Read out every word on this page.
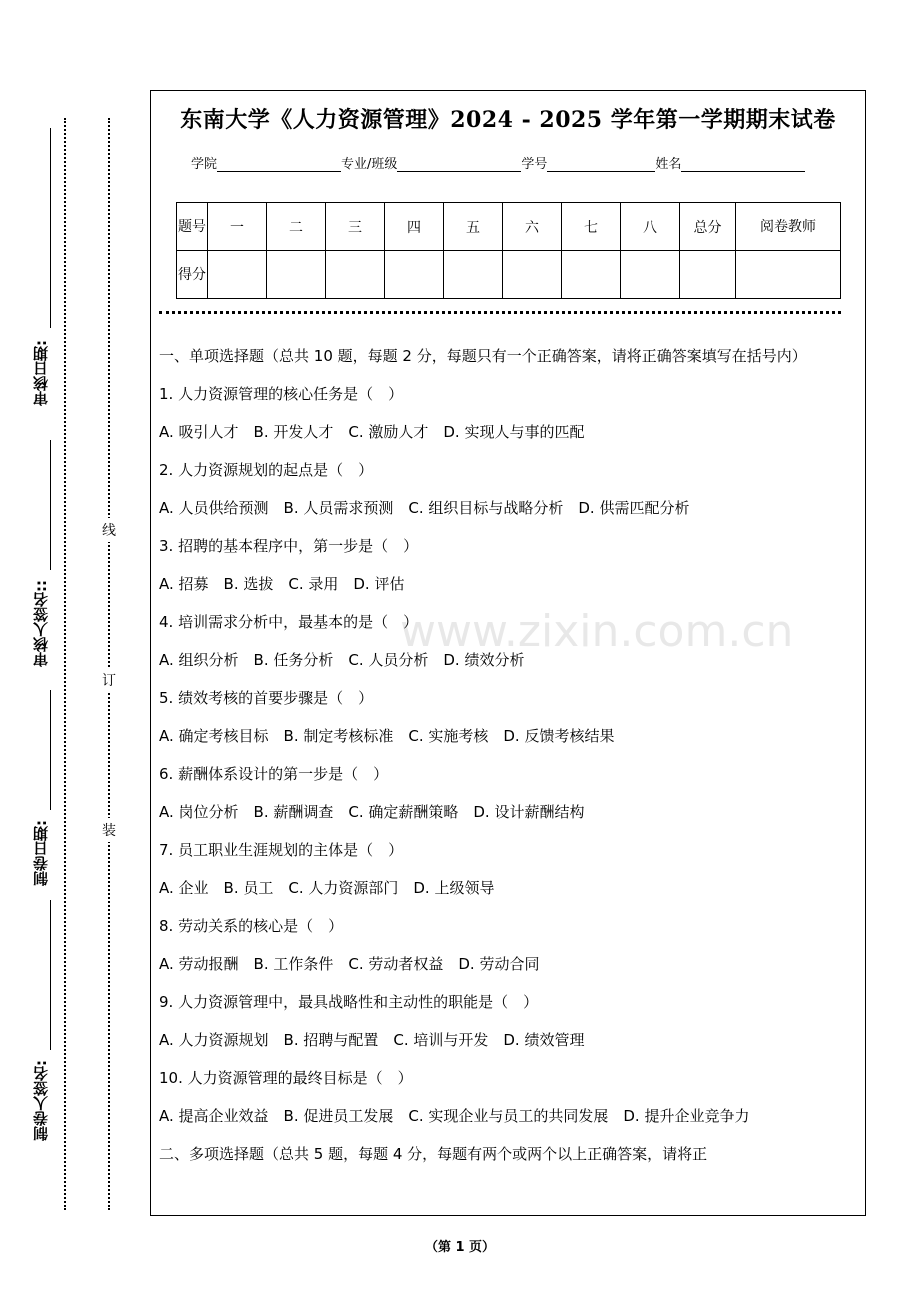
审核日期:
审核人签名::
制卷日期:
制卷人签名:
线
订
装
www.zixin.com.cn
东南大学《人力资源管理》2024 - 2025 学年第一学期期末试卷
学院	专业/班级	学号	姓名
题号	一	二	三	四	五	六	七	八	总分	阅卷教师
得分										

一、单项选择题（总共 10 题，每题 2 分，每题只有一个正确答案，请将正确答案填写在括号内）

1. 人力资源管理的核心任务是（　）

A. 吸引人才　B. 开发人才　C. 激励人才　D. 实现人与事的匹配

2. 人力资源规划的起点是（　）

A. 人员供给预测　B. 人员需求预测　C. 组织目标与战略分析　D. 供需匹配分析

3. 招聘的基本程序中，第一步是（　）

A. 招募　B. 选拔　C. 录用　D. 评估

4. 培训需求分析中，最基本的是（　）

A. 组织分析　B. 任务分析　C. 人员分析　D. 绩效分析

5. 绩效考核的首要步骤是（　）

A. 确定考核目标　B. 制定考核标准　C. 实施考核　D. 反馈考核结果

6. 薪酬体系设计的第一步是（　）

A. 岗位分析　B. 薪酬调查　C. 确定薪酬策略　D. 设计薪酬结构

7. 员工职业生涯规划的主体是（　）

A. 企业　B. 员工　C. 人力资源部门　D. 上级领导

8. 劳动关系的核心是（　）

A. 劳动报酬　B. 工作条件　C. 劳动者权益　D. 劳动合同

9. 人力资源管理中，最具战略性和主动性的职能是（　）

A. 人力资源规划　B. 招聘与配置　C. 培训与开发　D. 绩效管理

10. 人力资源管理的最终目标是（　）

A. 提高企业效益　B. 促进员工发展　C. 实现企业与员工的共同发展　D. 提升企业竞争力

二、多项选择题（总共 5 题，每题 4 分，每题有两个或两个以上正确答案，请将正

（第 1 页）
